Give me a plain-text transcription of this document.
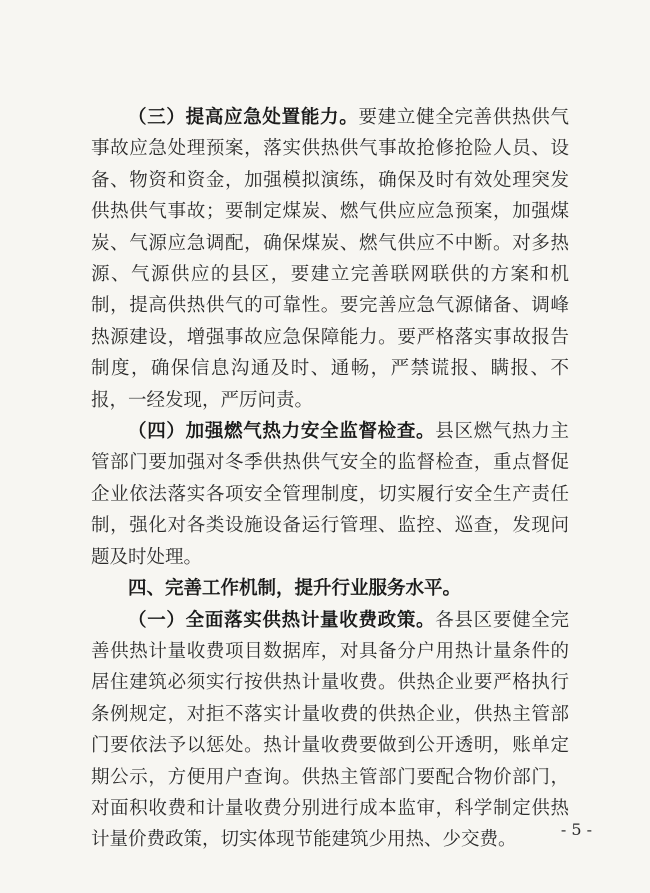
（三）提高应急处置能力。要建立健全完善供热供气事故应急处理预案，落实供热供气事故抢修抢险人员、设备、物资和资金，加强模拟演练，确保及时有效处理突发供热供气事故；要制定煤炭、燃气供应应急预案，加强煤炭、气源应急调配，确保煤炭、燃气供应不中断。对多热源、气源供应的县区，要建立完善联网联供的方案和机制，提高供热供气的可靠性。要完善应急气源储备、调峰热源建设，增强事故应急保障能力。要严格落实事故报告制度，确保信息沟通及时、通畅，严禁谎报、瞒报、不报，一经发现，严厉问责。

（四）加强燃气热力安全监督检查。县区燃气热力主管部门要加强对冬季供热供气安全的监督检查，重点督促企业依法落实各项安全管理制度，切实履行安全生产责任制，强化对各类设施设备运行管理、监控、巡查，发现问题及时处理。

四、完善工作机制，提升行业服务水平。

（一）全面落实供热计量收费政策。各县区要健全完善供热计量收费项目数据库，对具备分户用热计量条件的居住建筑必须实行按供热计量收费。供热企业要严格执行条例规定，对拒不落实计量收费的供热企业，供热主管部门要依法予以惩处。热计量收费要做到公开透明，账单定期公示，方便用户查询。供热主管部门要配合物价部门，对面积收费和计量收费分别进行成本监审，科学制定供热计量价费政策，切实体现节能建筑少用热、少交费。	- 5 -
